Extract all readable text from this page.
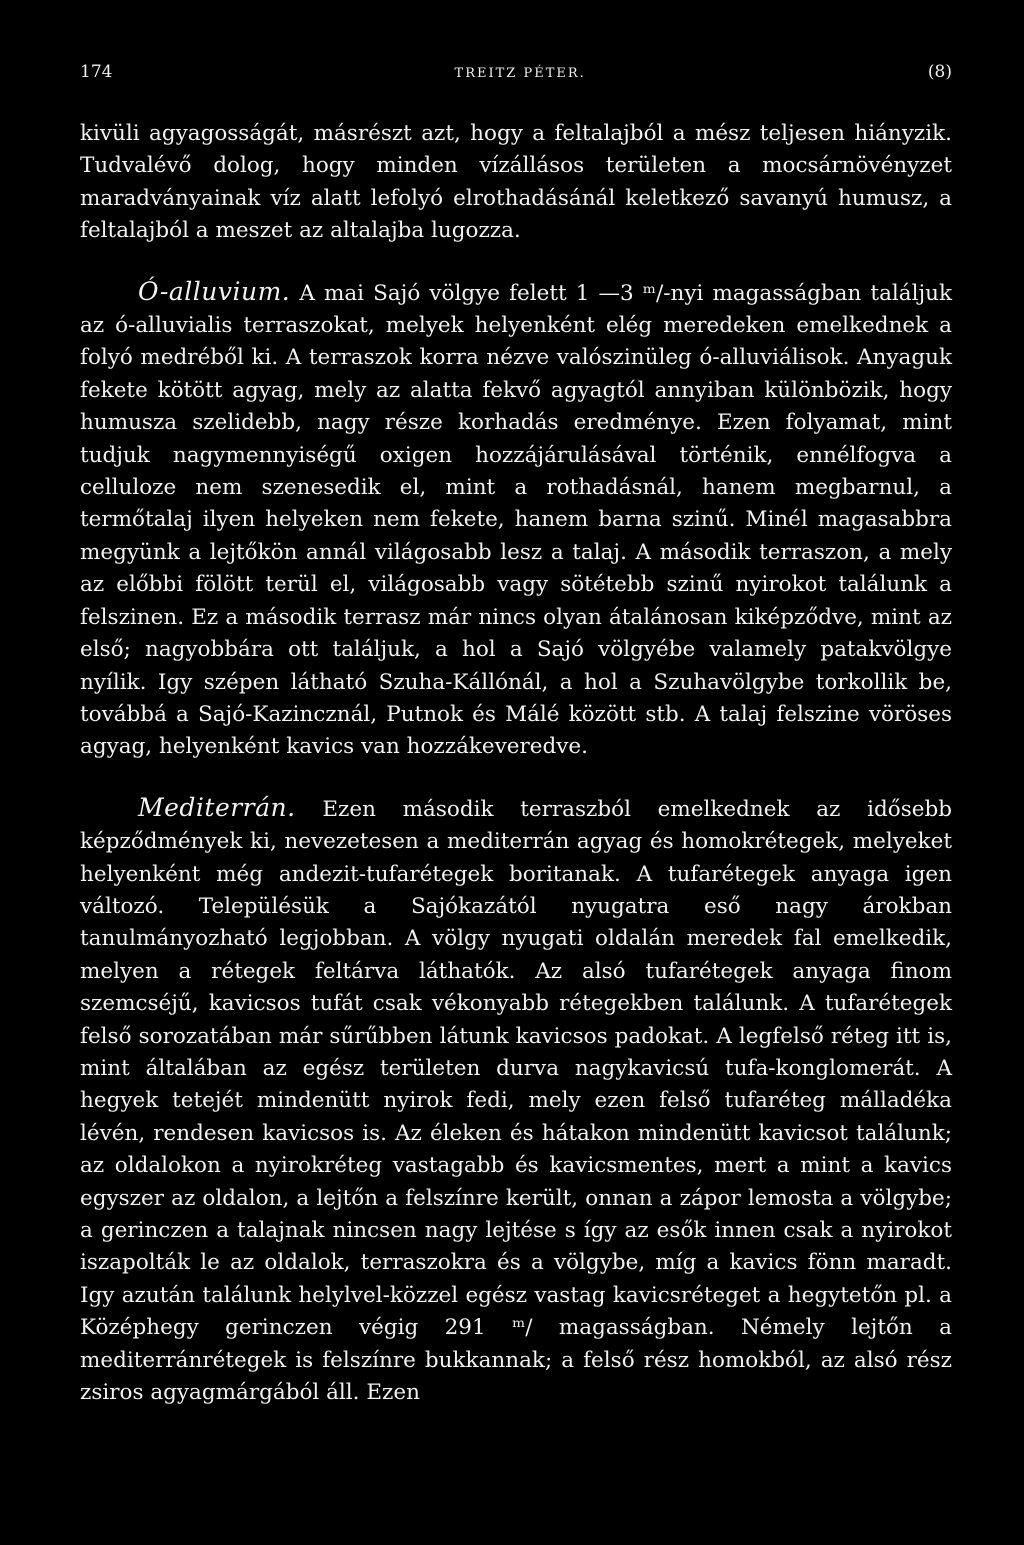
174	TREITZ PÉTER.	(8)

kivüli agyagosságát, másrészt azt, hogy a feltalajból a mész teljesen hiányzik. Tudvalévő dolog, hogy minden vízállásos területen a mocsárnövényzet maradványainak víz alatt lefolyó elrothadásánál keletkező savanyú humusz, a feltalajból a meszet az altalajba lugozza.

Ó-alluvium. A mai Sajó völgye felett 1 —3 ᵐ/-nyi magasságban találjuk az ó-alluvialis terraszokat, melyek helyenként elég meredeken emelkednek a folyó medréből ki. A terraszok korra nézve valószinüleg ó-alluviálisok. Anyaguk fekete kötött agyag, mely az alatta fekvő agyagtól annyiban különbözik, hogy humusza szelidebb, nagy része korhadás eredménye. Ezen folyamat, mint tudjuk nagymennyiségű oxigen hozzájárulásával történik, ennélfogva a celluloze nem szenesedik el, mint a rothadásnál, hanem megbarnul, a termőtalaj ilyen helyeken nem fekete, hanem barna szinű. Minél magasabbra megyünk a lejtőkön annál világosabb lesz a talaj. A második terraszon, a mely az előbbi fölött terül el, világosabb vagy sötétebb szinű nyirokot találunk a felszinen. Ez a második terrasz már nincs olyan átalánosan kiképződve, mint az első; nagyobbára ott találjuk, a hol a Sajó völgyébe valamely patakvölgye nyílik. Igy szépen látható Szuha-Kállónál, a hol a Szuhavölgybe torkollik be, továbbá a Sajó-Kazincznál, Putnok és Málé között stb. A talaj felszine vöröses agyag, helyenként kavics van hozzákeveredve.

Mediterrán. Ezen második terraszból emelkednek az idősebb képződmények ki, nevezetesen a mediterrán agyag és homokrétegek, melyeket helyenként még andezit-tufarétegek boritanak. A tufarétegek anyaga igen változó. Településük a Sajókazától nyugatra eső nagy árokban tanulmányozható legjobban. A völgy nyugati oldalán meredek fal emelkedik, melyen a rétegek feltárva láthatók. Az alsó tufarétegek anyaga finom szemcséjű, kavicsos tufát csak vékonyabb rétegekben találunk. A tufarétegek felső sorozatában már sűrűbben látunk kavicsos padokat. A legfelső réteg itt is, mint általában az egész területen durva nagykavicsú tufa-konglomerát. A hegyek tetejét mindenütt nyirok fedi, mely ezen felső tufaréteg málladéka lévén, rendesen kavicsos is. Az éleken és hátakon mindenütt kavicsot találunk; az oldalokon a nyirokréteg vastagabb és kavicsmentes, mert a mint a kavics egyszer az oldalon, a lejtőn a felszínre került, onnan a zápor lemosta a völgybe; a gerinczen a talajnak nincsen nagy lejtése s így az esők innen csak a nyirokot iszapolták le az oldalok, terraszokra és a völgybe, míg a kavics fönn maradt. Igy azután találunk helylvel-közzel egész vastag kavicsréteget a hegytetőn pl. a Középhegy gerinczen végig 291 ᵐ/ magasságban. Némely lejtőn a mediterránrétegek is felszínre bukkannak; a felső rész homokból, az alsó rész zsiros agyagmárgából áll. Ezen
